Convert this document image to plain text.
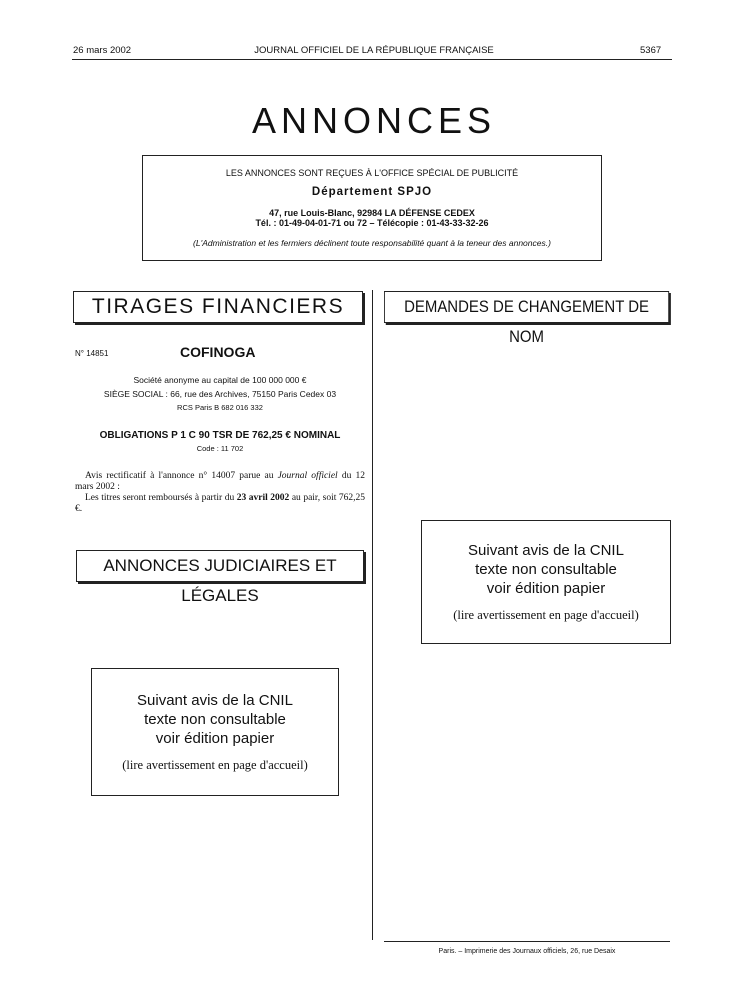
26 mars 2002	JOURNAL OFFICIEL DE LA RÉPUBLIQUE FRANÇAISE	5367
ANNONCES
LES ANNONCES SONT REÇUES À L'OFFICE SPÉCIAL DE PUBLICITÉ
Département SPJO
47, rue Louis-Blanc, 92984 LA DÉFENSE CEDEX
Tél. : 01-49-04-01-71 ou 72 – Télécopie : 01-43-33-32-26
(L'Administration et les fermiers déclinent toute responsabilité quant à la teneur des annonces.)
TIRAGES FINANCIERS	DEMANDES DE CHANGEMENT DE NOM
N° 14851	COFINOGA
Société anonyme au capital de 100 000 000 €
SIÈGE SOCIAL : 66, rue des Archives, 75150 Paris Cedex 03
RCS Paris B 682 016 332
OBLIGATIONS P 1 C 90 TSR DE 762,25 € NOMINAL
Code : 11 702

Avis rectificatif à l'annonce n° 14007 parue au Journal officiel du 12 mars 2002 :

Les titres seront remboursés à partir du 23 avril 2002 au pair, soit 762,25 €.

ANNONCES JUDICIAIRES ET LÉGALES
Suivant avis de la CNIL
texte non consultable
voir édition papier
(lire avertissement en page d'accueil)
Suivant avis de la CNIL
texte non consultable
voir édition papier
(lire avertissement en page d'accueil)
Paris. – Imprimerie des Journaux officiels, 26, rue Desaix
